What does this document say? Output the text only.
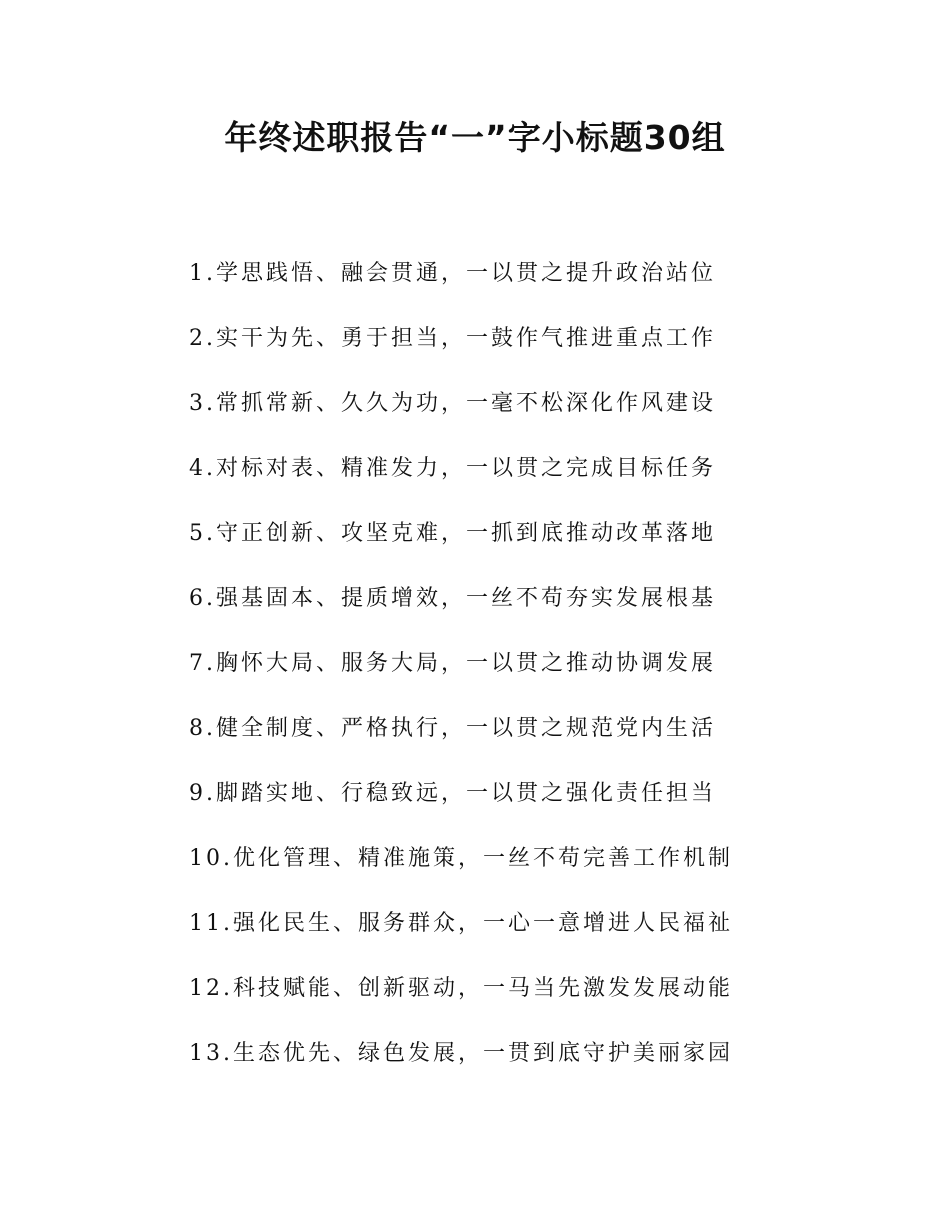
年终述职报告“一”字小标题30组
1.学思践悟、融会贯通，一以贯之提升政治站位
2.实干为先、勇于担当，一鼓作气推进重点工作
3.常抓常新、久久为功，一毫不松深化作风建设
4.对标对表、精准发力，一以贯之完成目标任务
5.守正创新、攻坚克难，一抓到底推动改革落地
6.强基固本、提质增效，一丝不苟夯实发展根基
7.胸怀大局、服务大局，一以贯之推动协调发展
8.健全制度、严格执行，一以贯之规范党内生活
9.脚踏实地、行稳致远，一以贯之强化责任担当
10.优化管理、精准施策，一丝不苟完善工作机制
11.强化民生、服务群众，一心一意增进人民福祉
12.科技赋能、创新驱动，一马当先激发发展动能
13.生态优先、绿色发展，一贯到底守护美丽家园
